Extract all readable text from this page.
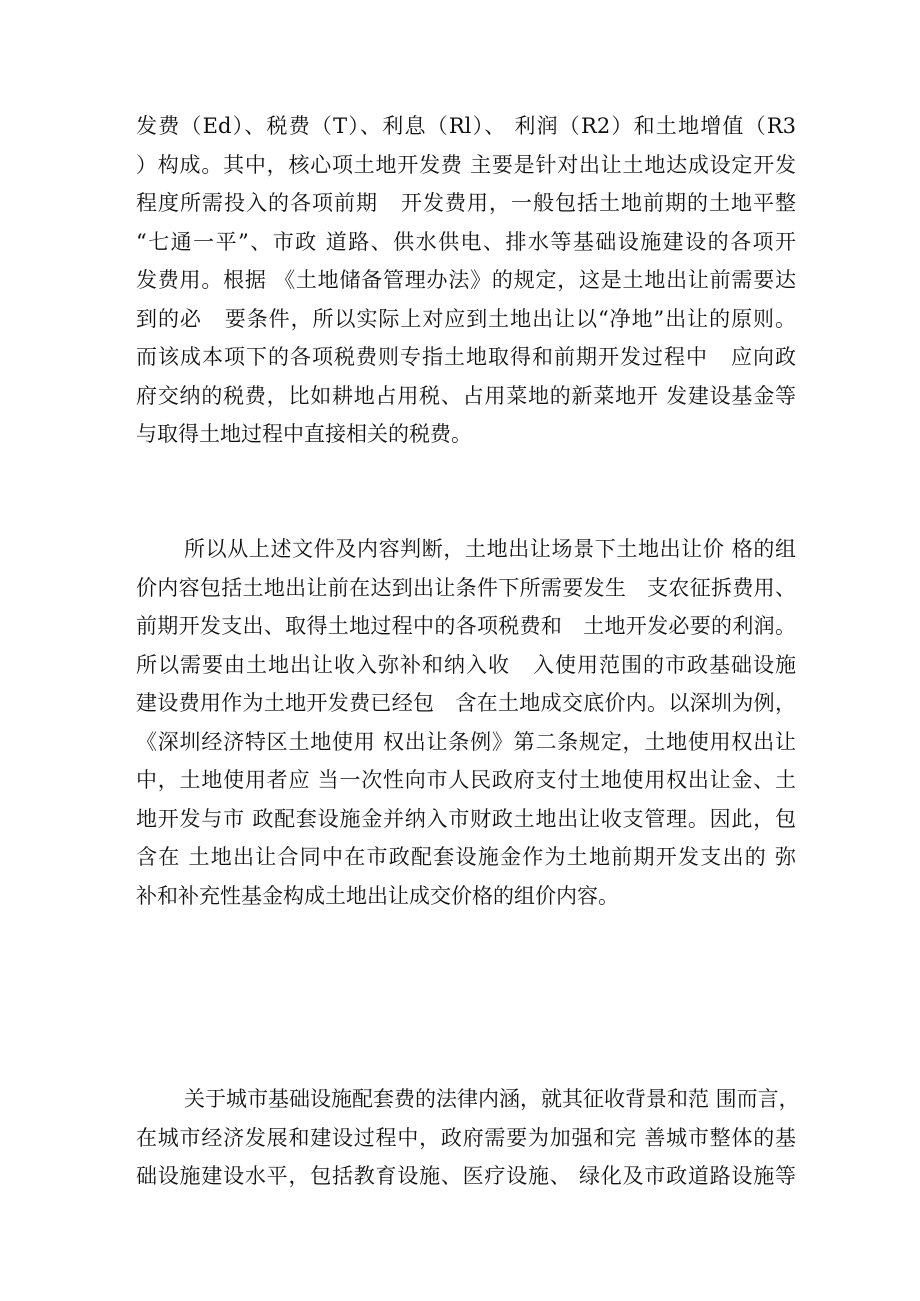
发费（Ed）、税费（T）、利息（Rl）、 利润（R2）和土地增值（R3
）构成。其中，核心项土地开发费 主要是针对出让土地达成设定开发
程度所需投入的各项前期   开发费用，一般包括土地前期的土地平整
“七通一平”、市政 道路、供水供电、排水等基础设施建设的各项开
发费用。根据 《土地储备管理办法》的规定，这是土地出让前需要达
到的必   要条件，所以实际上对应到土地出让以“净地”出让的原则。
而该成本项下的各项税费则专指土地取得和前期开发过程中   应向政
府交纳的税费，比如耕地占用税、占用菜地的新菜地开 发建设基金等
与取得土地过程中直接相关的税费。
所以从上述文件及内容判断，土地出让场景下土地出让价 格的组
价内容包括土地出让前在达到出让条件下所需要发生   支农征拆费用、
前期开发支出、取得土地过程中的各项税费和   土地开发必要的利润。
所以需要由土地出让收入弥补和纳入收   入使用范围的市政基础设施
建设费用作为土地开发费已经包   含在土地成交底价内。以深圳为例，
《深圳经济特区土地使用 权出让条例》第二条规定，土地使用权出让
中，土地使用者应 当一次性向市人民政府支付土地使用权出让金、土
地开发与市 政配套设施金并纳入市财政土地出让收支管理。因此，包
含在 土地出让合同中在市政配套设施金作为土地前期开发支出的 弥
补和补充性基金构成土地出让成交价格的组价内容。
关于城市基础设施配套费的法律内涵，就其征收背景和范 围而言，
在城市经济发展和建设过程中，政府需要为加强和完 善城市整体的基
础设施建设水平，包括教育设施、医疗设施、 绿化及市政道路设施等
